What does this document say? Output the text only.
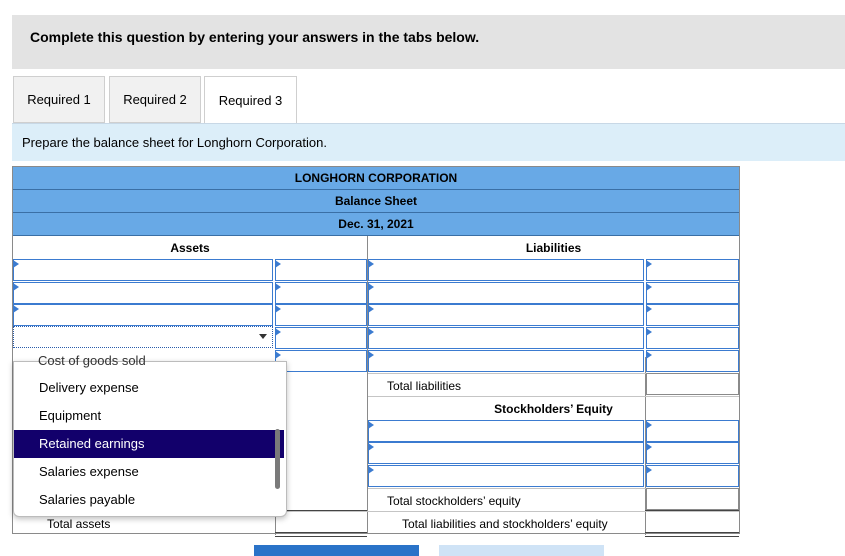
Complete this question by entering your answers in the tabs below.
Required 1 Required 2 Required 3
Prepare the balance sheet for Longhorn Corporation.
LONGHORN CORPORATION
Balance Sheet
Dec. 31, 2021
Assets	Liabilities
Total liabilities
Stockholders’ Equity
Total stockholders’ equity
Total assets	Total liabilities and stockholders’ equity
Cost of goods sold
Delivery expense
Equipment
Retained earnings
Salaries expense
Salaries payable
